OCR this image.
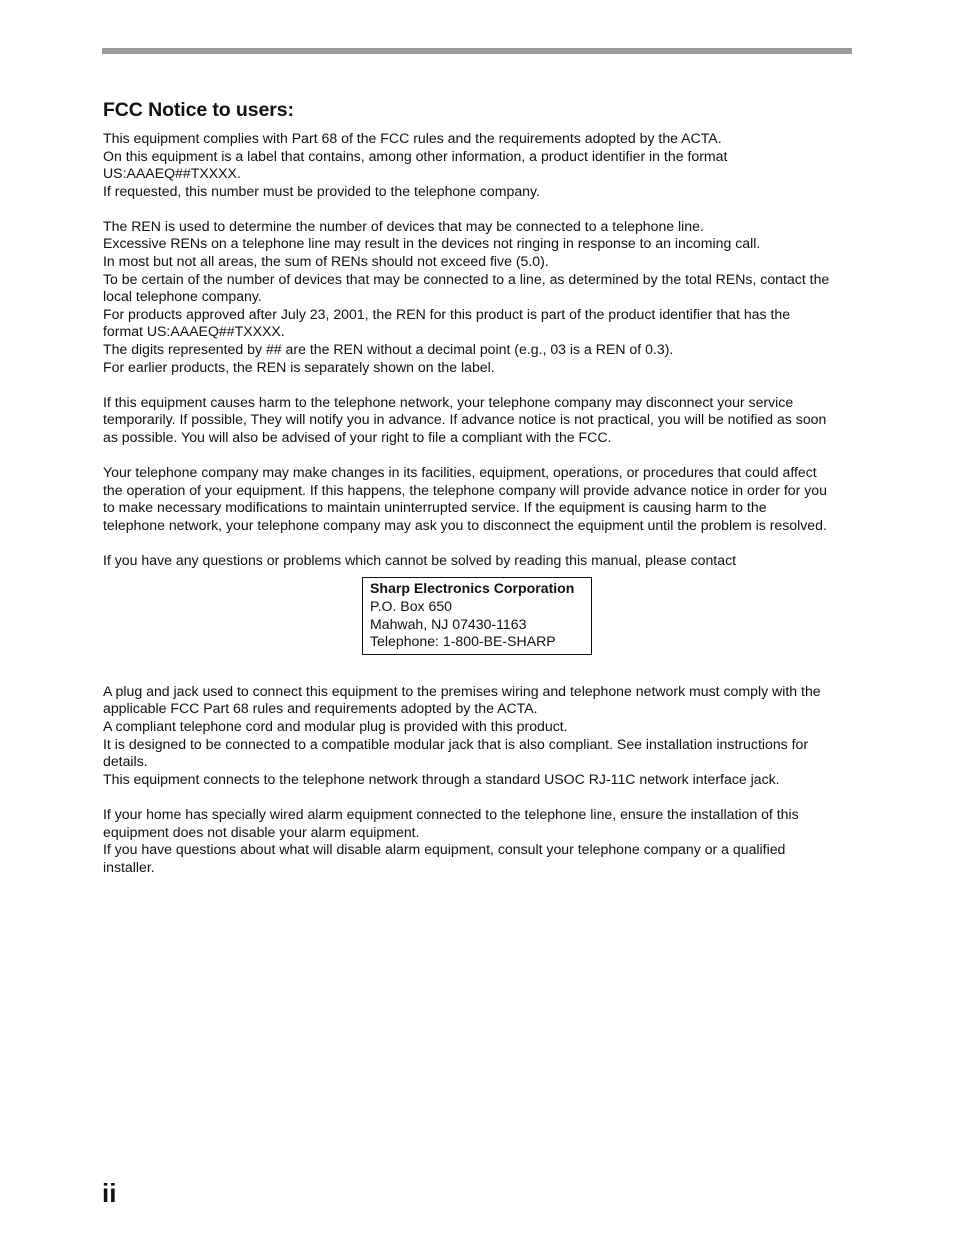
FCC Notice to users:
This equipment complies with Part 68 of the FCC rules and the requirements adopted by the ACTA.
On this equipment is a label that contains, among other information, a product identifier in the format
US:AAAEQ##TXXXX.
If requested, this number must be provided to the telephone company.
The REN is used to determine the number of devices that may be connected to a telephone line.
Excessive RENs on a telephone line may result in the devices not ringing in response to an incoming call.
In most but not all areas, the sum of RENs should not exceed five (5.0).
To be certain of the number of devices that may be connected to a line, as determined by the total RENs, contact the
local telephone company.
For products approved after July 23, 2001, the REN for this product is part of the product identifier that has the
format US:AAAEQ##TXXXX.
The digits represented by ## are the REN without a decimal point (e.g., 03 is a REN of 0.3).
For earlier products, the REN is separately shown on the label.
If this equipment causes harm to the telephone network, your telephone company may disconnect your service
temporarily. If possible, They will notify you in advance. If advance notice is not practical, you will be notified as soon
as possible. You will also be advised of your right to file a compliant with the FCC.
Your telephone company may make changes in its facilities, equipment, operations, or procedures that could affect
the operation of your equipment. If this happens, the telephone company will provide advance notice in order for you
to make necessary modifications to maintain uninterrupted service. If the equipment is causing harm to the
telephone network, your telephone company may ask you to disconnect the equipment until the problem is resolved.
If you have any questions or problems which cannot be solved by reading this manual, please contact
Sharp Electronics Corporation
P.O. Box 650
Mahwah, NJ 07430-1163
Telephone: 1-800-BE-SHARP
A plug and jack used to connect this equipment to the premises wiring and telephone network must comply with the
applicable FCC Part 68 rules and requirements adopted by the ACTA.
A compliant telephone cord and modular plug is provided with this product.
It is designed to be connected to a compatible modular jack that is also compliant. See installation instructions for
details.
This equipment connects to the telephone network through a standard USOC RJ-11C network interface jack.
If your home has specially wired alarm equipment connected to the telephone line, ensure the installation of this
equipment does not disable your alarm equipment.
If you have questions about what will disable alarm equipment, consult your telephone company or a qualified
installer.
ii
